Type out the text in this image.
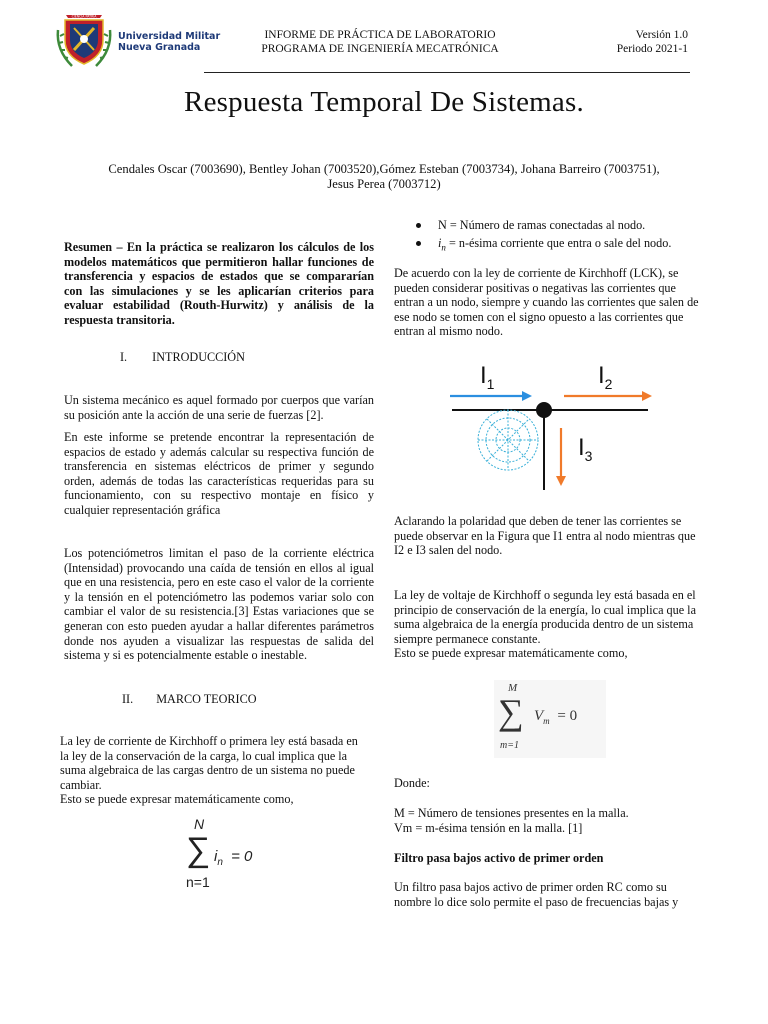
CIENCIA PATRIA
Universidad Militar
Nueva Granada
INFORME DE PRÁCTICA DE LABORATORIO
PROGRAMA DE INGENIERÍA MECATRÓNICA
Versión 1.0
Periodo 2021-1
Respuesta Temporal De Sistemas.
Cendales Oscar (7003690), Bentley Johan (7003520),Gómez Esteban (7003734), Johana Barreiro (7003751),
Jesus Perea (7003712)
Resumen – En la práctica se realizaron los cálculos de los
modelos matemáticos que permitieron hallar funciones de
transferencia y espacios de estados que se compararían
con las simulaciones y se les aplicarían criterios para
evaluar estabilidad (Routh-Hurwitz) y análisis de la
respuesta transitoria.
I. INTRODUCCIÓN
Un sistema mecánico es aquel formado por cuerpos que varían
su posición ante la acción de una serie de fuerzas [2].
En este informe se pretende encontrar la representación de
espacios de estado y además calcular su respectiva función de
transferencia en sistemas eléctricos de primer y segundo
orden, además de todas las características requeridas para su
funcionamiento, con su respectivo montaje en físico y
cualquier representación gráfica
Los potenciómetros limitan el paso de la corriente eléctrica
(Intensidad) provocando una caída de tensión en ellos al igual
que en una resistencia, pero en este caso el valor de la corriente
y la tensión en el potenciómetro las podemos variar solo con
cambiar el valor de su resistencia.[3] Estas variaciones que se
generan con esto pueden ayudar a hallar diferentes parámetros
donde nos ayuden a visualizar las respuestas de salida del
sistema y si es potencialmente estable o inestable.
II. MARCO TEORICO
La ley de corriente de Kirchhoff o primera ley está basada en
la ley de la conservación de la carga, lo cual implica que la
suma algebraica de las cargas dentro de un sistema no puede
cambiar.
Esto se puede expresar matemáticamente como,
N
∑ $i_n = 0$
n=1
N = Número de ramas conectadas al nodo.
$i_n$ = n-ésima corriente que entra o sale del nodo.
De acuerdo con la ley de corriente de Kirchhoff (LCK), se
pueden considerar positivas o negativas las corrientes que
entran a un nodo, siempre y cuando las corrientes que salen de
ese nodo se tomen con el signo opuesto a las corrientes que
entran al mismo nodo.
$I_1$	$I_2$
$I_3$
Aclarando la polaridad que deben de tener las corrientes se
puede observar en la Figura que I1 entra al nodo mientras que
I2 e I3 salen del nodo.
La ley de voltaje de Kirchhoff o segunda ley está basada en el
principio de conservación de la energía, lo cual implica que la
suma algebraica de la energía producida dentro de un sistema
siempre permanece constante.
Esto se puede expresar matemáticamente como,
M
∑ $V_m = 0$
m=1
Donde:
M = Número de tensiones presentes en la malla.
Vm = m-ésima tensión en la malla. [1]
Filtro pasa bajos activo de primer orden
Un filtro pasa bajos activo de primer orden RC como su
nombre lo dice solo permite el paso de frecuencias bajas y
